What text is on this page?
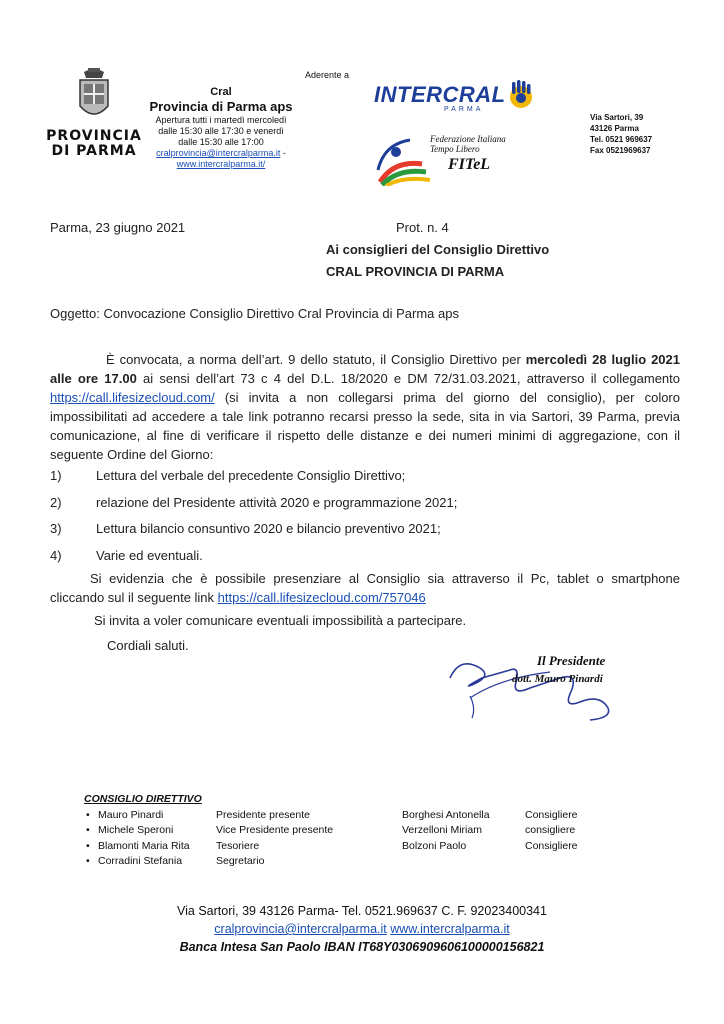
PROVINCIA
DI PARMA
Cral
Provincia di Parma aps
Apertura tutti i martedì mercoledì dalle 15:30 alle 17:30 e venerdì dalle 15:30 alle 17:00
cralprovincia@intercralparma.it -
www.intercralparma.it/
Aderente a
INTERCRAL
PARMA
Federazione Italiana
Tempo Libero
FITeL
Via Sartori, 39
43126 Parma
Tel. 0521 969637
Fax 0521969637
Parma, 23 giugno 2021	Prot. n. 4
Ai consiglieri del Consiglio Direttivo
CRAL PROVINCIA DI PARMA
Oggetto: Convocazione Consiglio Direttivo Cral Provincia di Parma aps
È convocata, a norma dell’art. 9 dello statuto, il Consiglio Direttivo per mercoledì 28 luglio 2021 alle ore 17.00 ai sensi dell’art 73 c 4 del D.L. 18/2020 e DM 72/31.03.2021, attraverso il collegamento https://call.lifesizecloud.com/ (si invita a non collegarsi prima del giorno del consiglio), per coloro impossibilitati ad accedere a tale link potranno recarsi presso la sede, sita in via Sartori, 39 Parma, previa comunicazione, al fine di verificare il rispetto delle distanze e dei numeri minimi di aggregazione, con il seguente Ordine del Giorno:
1)	Lettura del verbale del precedente Consiglio Direttivo;
2)	relazione del Presidente attività 2020 e programmazione 2021;
3)	Lettura bilancio consuntivo 2020 e bilancio preventivo 2021;
4)	Varie ed eventuali.
Si evidenzia che è possibile presenziare al Consiglio sia attraverso il Pc, tablet o smartphone cliccando sul il seguente link https://call.lifesizecloud.com/757046
Si invita a voler comunicare eventuali impossibilità a partecipare.
Cordiali saluti.
Il Presidente
dott. Mauro Pinardi
CONSIGLIO DIRETTIVO
• Mauro Pinardi	Presidente presente	Borghesi Antonella	Consigliere
• Michele Speroni	Vice Presidente presente	Verzelloni Miriam	consigliere
• Blamonti Maria Rita	Tesoriere	Bolzoni Paolo	Consigliere
• Corradini Stefania	Segretario
Via Sartori, 39 43126 Parma- Tel. 0521.969637 C. F. 92023400341
cralprovincia@intercralparma.it www.intercralparma.it
Banca Intesa San Paolo IBAN IT68Y0306909606100000156821
